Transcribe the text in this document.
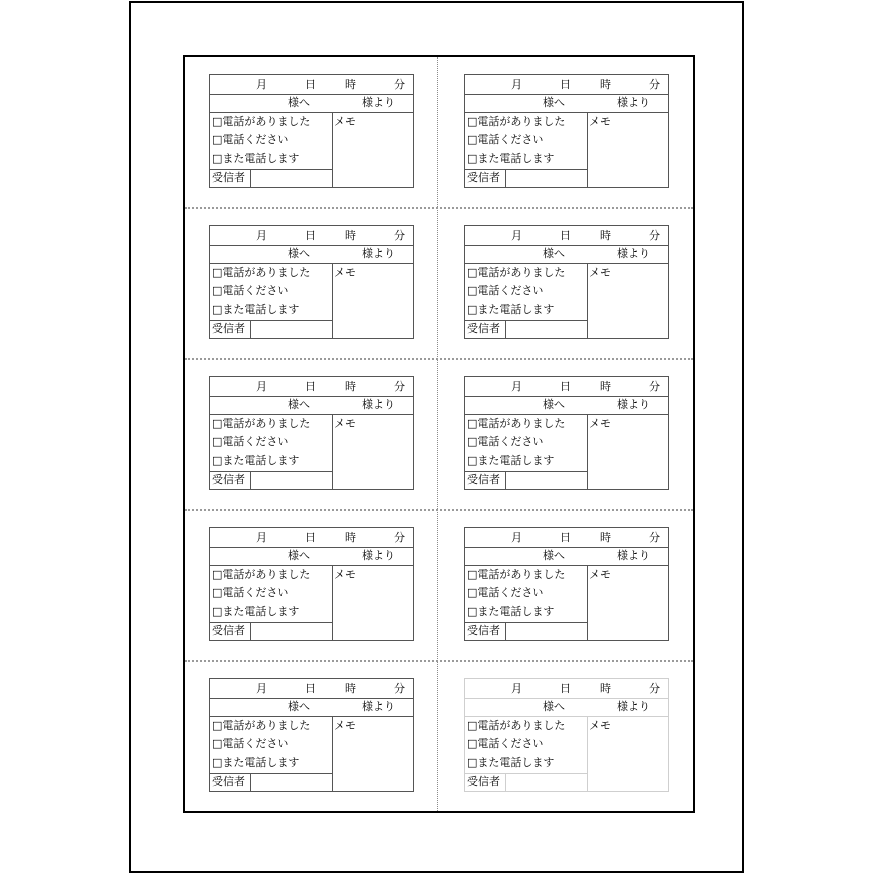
月	日	時	分
様へ	様より
□電話がありました
□電話ください
□また電話します
メモ
受信者
月	日	時	分
様へ	様より
□電話がありました
□電話ください
□また電話します
メモ
受信者
月	日	時	分
様へ	様より
□電話がありました
□電話ください
□また電話します
メモ
受信者
月	日	時	分
様へ	様より
□電話がありました
□電話ください
□また電話します
メモ
受信者
月	日	時	分
様へ	様より
□電話がありました
□電話ください
□また電話します
メモ
受信者
月	日	時	分
様へ	様より
□電話がありました
□電話ください
□また電話します
メモ
受信者
月	日	時	分
様へ	様より
□電話がありました
□電話ください
□また電話します
メモ
受信者
月	日	時	分
様へ	様より
□電話がありました
□電話ください
□また電話します
メモ
受信者
月	日	時	分
様へ	様より
□電話がありました
□電話ください
□また電話します
メモ
受信者
月	日	時	分
様へ	様より
□電話がありました
□電話ください
□また電話します
メモ
受信者
